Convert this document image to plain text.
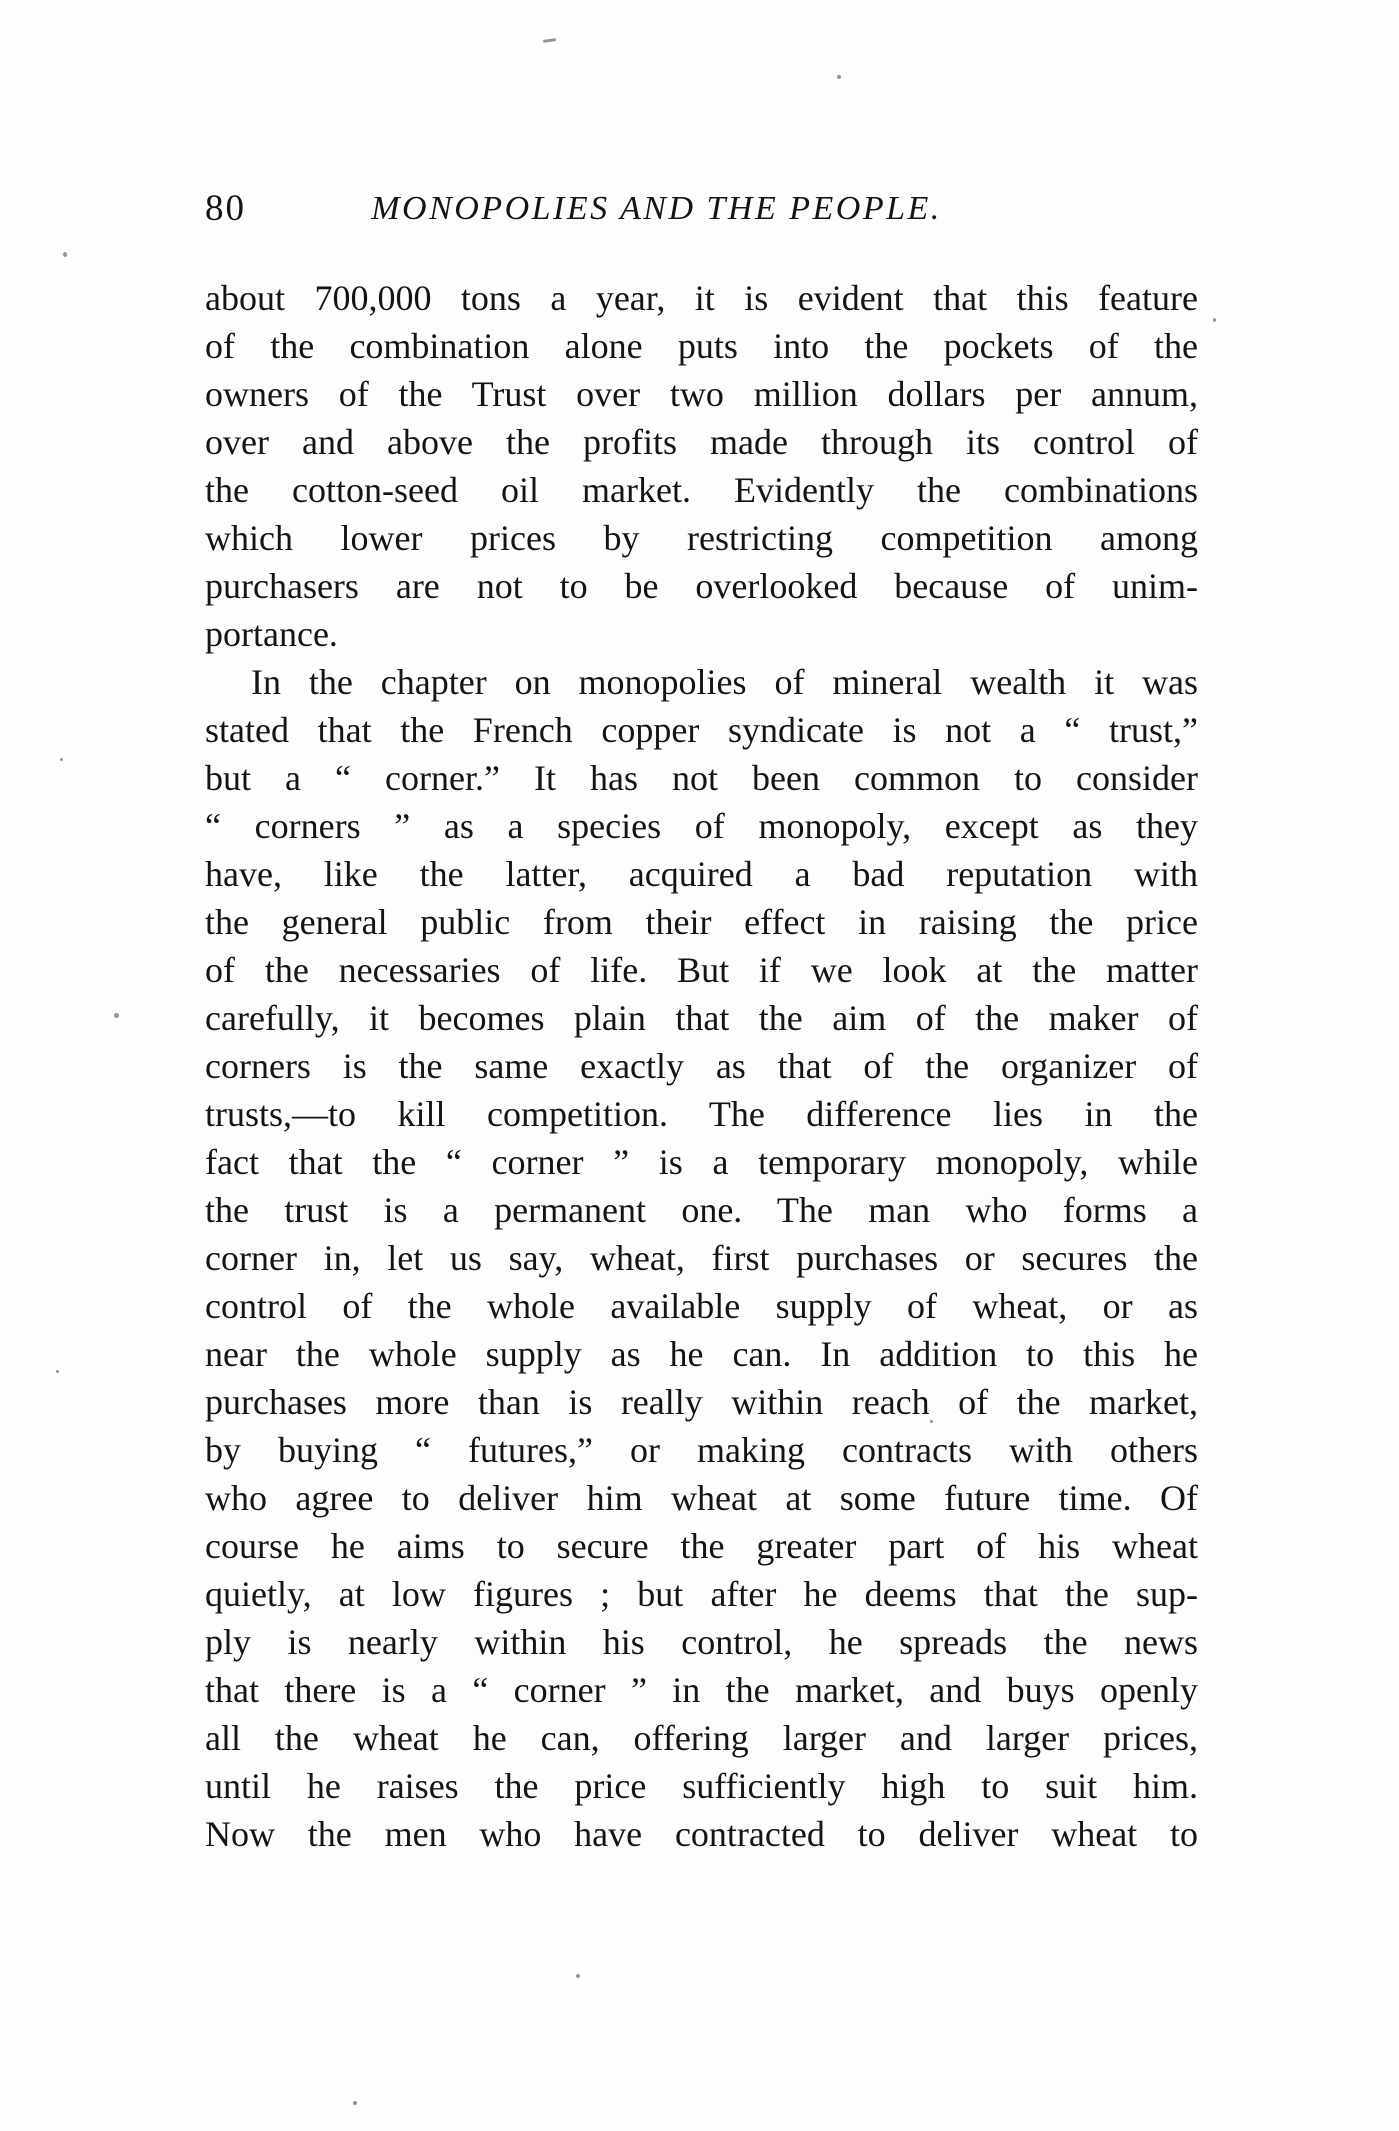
80	MONOPOLIES AND THE PEOPLE.
about 700,000 tons a year, it is evident that this feature
of the combination alone puts into the pockets of the
owners of the Trust over two million dollars per annum,
over and above the profits made through its control of
the cotton-seed oil market. Evidently the combinations
which lower prices by restricting competition among
purchasers are not to be overlooked because of unim-
portance.
In the chapter on monopolies of mineral wealth it was
stated that the French copper syndicate is not a “ trust,”
but a “ corner.” It has not been common to consider
“ corners ” as a species of monopoly, except as they
have, like the latter, acquired a bad reputation with
the general public from their effect in raising the price
of the necessaries of life. But if we look at the matter
carefully, it becomes plain that the aim of the maker of
corners is the same exactly as that of the organizer of
trusts,—to kill competition. The difference lies in the
fact that the “ corner ” is a temporary monopoly, while
the trust is a permanent one. The man who forms a
corner in, let us say, wheat, first purchases or secures the
control of the whole available supply of wheat, or as
near the whole supply as he can. In addition to this he
purchases more than is really within reach of the market,
by buying “ futures,” or making contracts with others
who agree to deliver him wheat at some future time. Of
course he aims to secure the greater part of his wheat
quietly, at low figures ; but after he deems that the sup-
ply is nearly within his control, he spreads the news
that there is a “ corner ” in the market, and buys openly
all the wheat he can, offering larger and larger prices,
until he raises the price sufficiently high to suit him.
Now the men who have contracted to deliver wheat to
